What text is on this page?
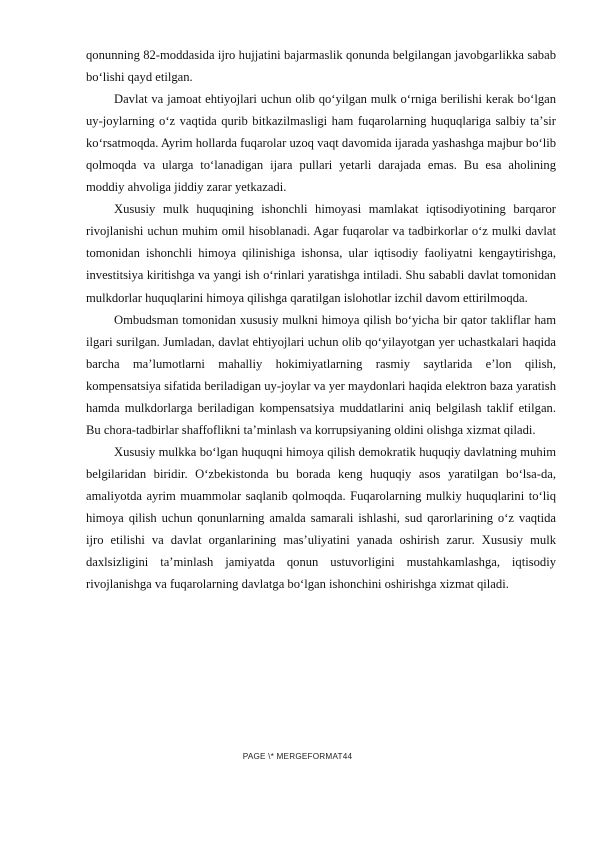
qonunning 82-moddasida ijro hujjatini bajarmaslik qonunda belgilangan javobgarlikka sabab boʻlishi qayd etilgan.

Davlat va jamoat ehtiyojlari uchun olib qoʻyilgan mulk oʻrniga berilishi kerak boʻlgan uy-joylarning oʻz vaqtida qurib bitkazilmasligi ham fuqarolarning huquqlariga salbiy taʼsir koʻrsatmoqda. Ayrim hollarda fuqarolar uzoq vaqt davomida ijarada yashashga majbur boʻlib qolmoqda va ularga toʻlanadigan ijara pullari yetarli darajada emas. Bu esa aholining moddiy ahvoliga jiddiy zarar yetkazadi.

Xususiy mulk huquqining ishonchli himoyasi mamlakat iqtisodiyotining barqaror rivojlanishi uchun muhim omil hisoblanadi. Agar fuqarolar va tadbirkorlar oʻz mulki davlat tomonidan ishonchli himoya qilinishiga ishonsa, ular iqtisodiy faoliyatni kengaytirishga, investitsiya kiritishga va yangi ish oʻrinlari yaratishga intiladi. Shu sababli davlat tomonidan mulkdorlar huquqlarini himoya qilishga qaratilgan islohotlar izchil davom ettirilmoqda.

Ombudsman tomonidan xususiy mulkni himoya qilish bo‘yicha bir qator takliflar ham ilgari surilgan. Jumladan, davlat ehtiyojlari uchun olib qo‘yilayotgan yer uchastkalari haqida barcha maʼlumotlarni mahalliy hokimiyatlarning rasmiy saytlarida eʼlon qilish, kompensatsiya sifatida beriladigan uy-joylar va yer maydonlari haqida elektron baza yaratish hamda mulkdorlarga beriladigan kompensatsiya muddatlarini aniq belgilash taklif etilgan. Bu chora-tadbirlar shaffoflikni taʼminlash va korrupsiyaning oldini olishga xizmat qiladi.

Xususiy mulkka boʻlgan huquqni himoya qilish demokratik huquqiy davlatning muhim belgilaridan biridir. Oʻzbekistonda bu borada keng huquqiy asos yaratilgan boʻlsa-da, amaliyotda ayrim muammolar saqlanib qolmoqda. Fuqarolarning mulkiy huquqlarini toʻliq himoya qilish uchun qonunlarning amalda samarali ishlashi, sud qarorlarining oʻz vaqtida ijro etilishi va davlat organlarining masʼuliyatini yanada oshirish zarur. Xususiy mulk daxlsizligini taʼminlash jamiyatda qonun ustuvorligini mustahkamlashga, iqtisodiy rivojlanishga va fuqarolarning davlatga boʻlgan ishonchini oshirishga xizmat qiladi.

PAGE \* MERGEFORMAT44
